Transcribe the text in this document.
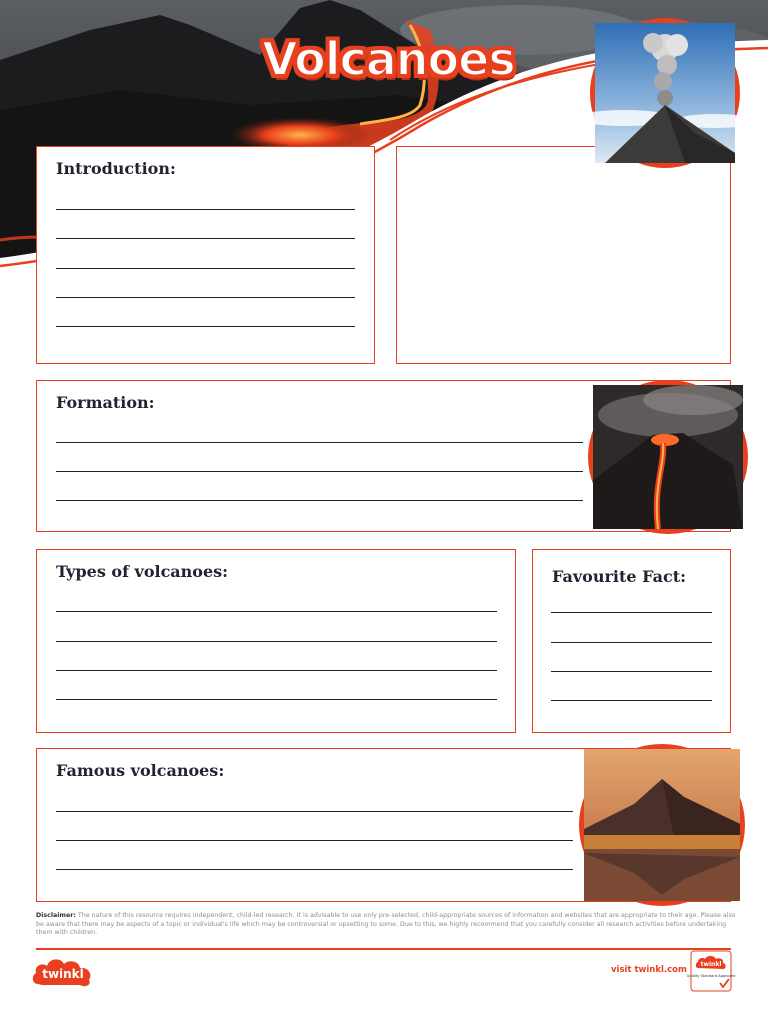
Volcanoes
Introduction:
Formation:
Types of volcanoes:	Favourite Fact:
Famous volcanoes:
Disclaimer: The nature of this resource requires independent, child-led research. It is advisable to use only pre-selected, child-appropriate sources of information and websites that are appropriate to their age. Please also be aware that there may be aspects of a topic or individual's life which may be controversial or upsetting to some. Due to this, we highly recommend that you carefully consider all research activities before undertaking them with children.
twinkl	visit twinkl.com
twinkl
Quality Standard Approved
